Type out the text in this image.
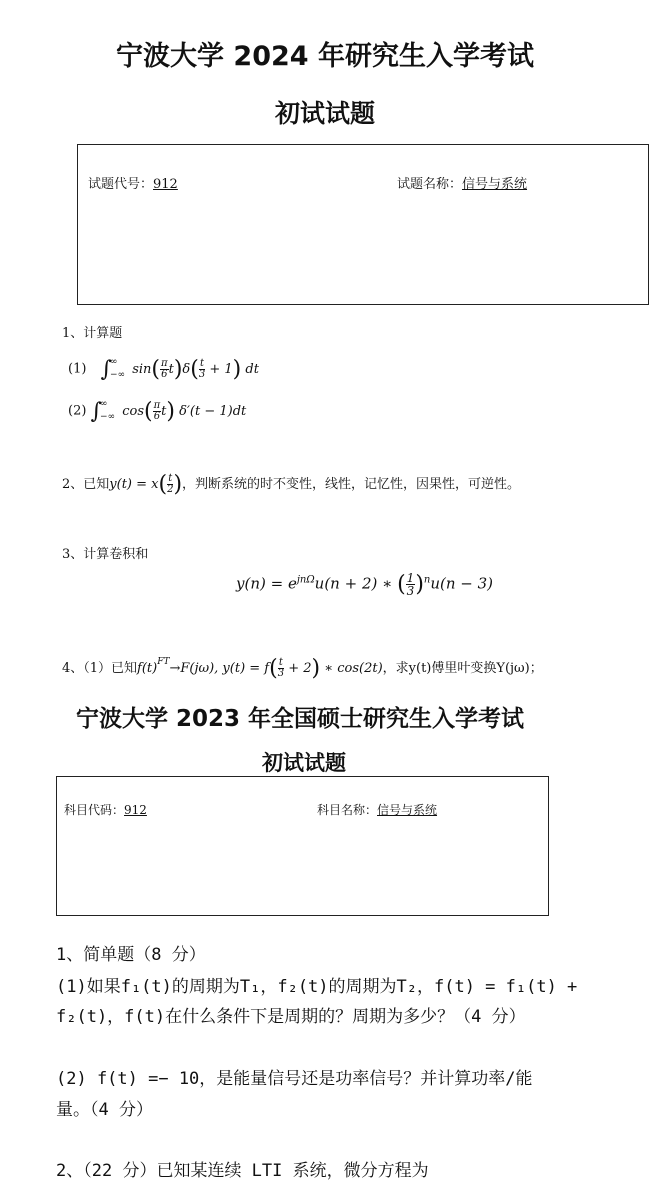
宁波大学 2024 年研究生入学考试
初试试题
试题代号：912	试题名称：信号与系统
1、计算题
(1) ∫
∞
−∞ $\sin( \frac{\pi}{6} t)\delta( \frac{t}{3} + 1)$ dt
(2) ∫
∞
−∞ $\cos( \frac{\pi}{6} t)$ δ′(t − 1)dt
2、已知$y(t) = x( \frac{t}{2}$ )，判断系统的时不变性，线性，记忆性，因果性，可逆性。
3、计算卷积和
$y(n) = e^{jn\Omega}u(n + 2)$ ∗ ( $\frac{1}{3} )^nu(n - 3)$
4、（1）已知$f(t)^{FT}\to F(j\omega)$, $y(t) = f( \frac{t}{3} + 2)$ ∗ cos(2t)，求y(t)傅里叶变换Y(jω)；
宁波大学 2023 年全国硕士研究生入学考试
初试试题
科目代码：912	科目名称：信号与系统
1、简单题（8 分）
(1)如果f₁(t)的周期为T₁，f₂(t)的周期为T₂，f(t) = f₁(t) +
f₂(t)，f(t)在什么条件下是周期的？周期为多少？（4 分）
(2) f(t) =− 10，是能量信号还是功率信号？并计算功率/能
量。（4 分）
2、（22 分）已知某连续 LTI 系统，微分方程为
